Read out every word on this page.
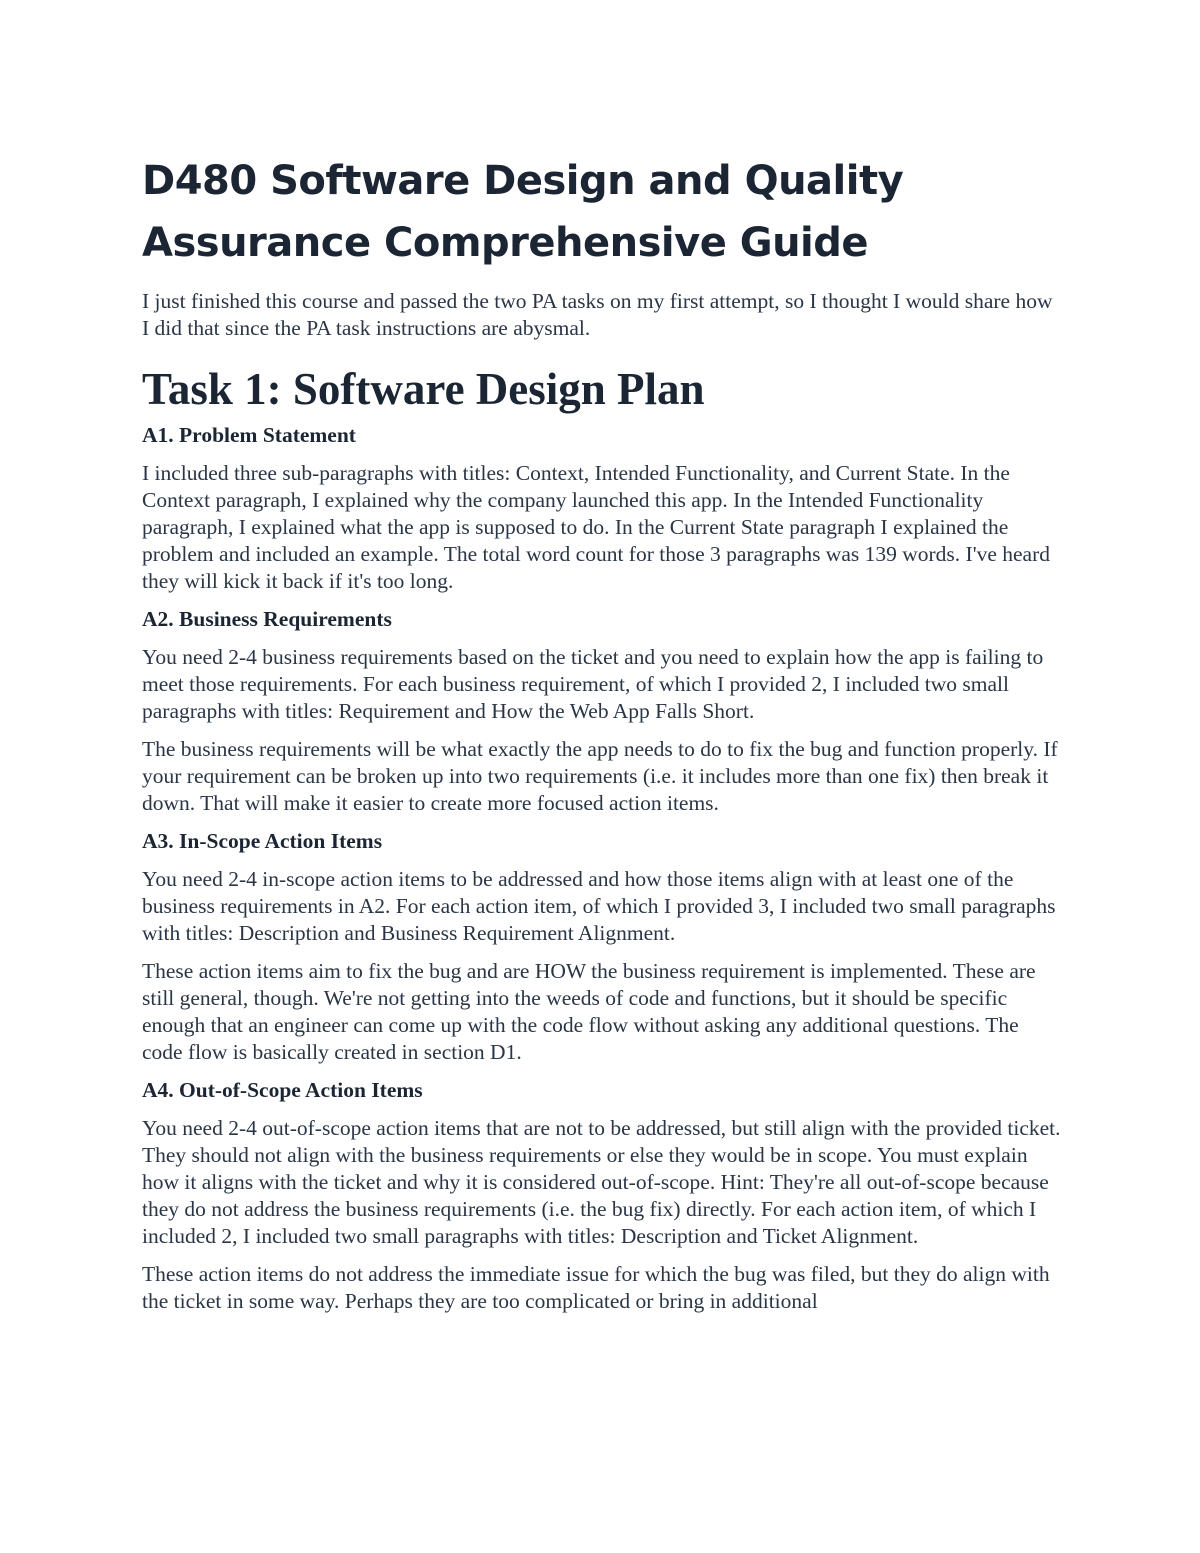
D480 Software Design and Quality
Assurance Comprehensive Guide

I just finished this course and passed the two PA tasks on my first attempt, so I thought I would share how I did that since the PA task instructions are abysmal.

Task 1: Software Design Plan
A1. Problem Statement

I included three sub-paragraphs with titles: Context, Intended Functionality, and Current State. In the Context paragraph, I explained why the company launched this app. In the Intended Functionality paragraph, I explained what the app is supposed to do. In the Current State paragraph I explained the problem and included an example. The total word count for those 3 paragraphs was 139 words. I've heard they will kick it back if it's too long.

A2. Business Requirements

You need 2-4 business requirements based on the ticket and you need to explain how the app is failing to meet those requirements. For each business requirement, of which I provided 2, I included two small paragraphs with titles: Requirement and How the Web App Falls Short.

The business requirements will be what exactly the app needs to do to fix the bug and function properly. If your requirement can be broken up into two requirements (i.e. it includes more than one fix) then break it down. That will make it easier to create more focused action items.

A3. In-Scope Action Items

You need 2-4 in-scope action items to be addressed and how those items align with at least one of the business requirements in A2. For each action item, of which I provided 3, I included two small paragraphs with titles: Description and Business Requirement Alignment.

These action items aim to fix the bug and are HOW the business requirement is implemented. These are still general, though. We're not getting into the weeds of code and functions, but it should be specific enough that an engineer can come up with the code flow without asking any additional questions. The code flow is basically created in section D1.

A4. Out-of-Scope Action Items

You need 2-4 out-of-scope action items that are not to be addressed, but still align with the provided ticket. They should not align with the business requirements or else they would be in scope. You must explain how it aligns with the ticket and why it is considered out-of-scope. Hint: They're all out-of-scope because they do not address the business requirements (i.e. the bug fix) directly. For each action item, of which I included 2, I included two small paragraphs with titles: Description and Ticket Alignment.

These action items do not address the immediate issue for which the bug was filed, but they do align with the ticket in some way. Perhaps they are too complicated or bring in additional
